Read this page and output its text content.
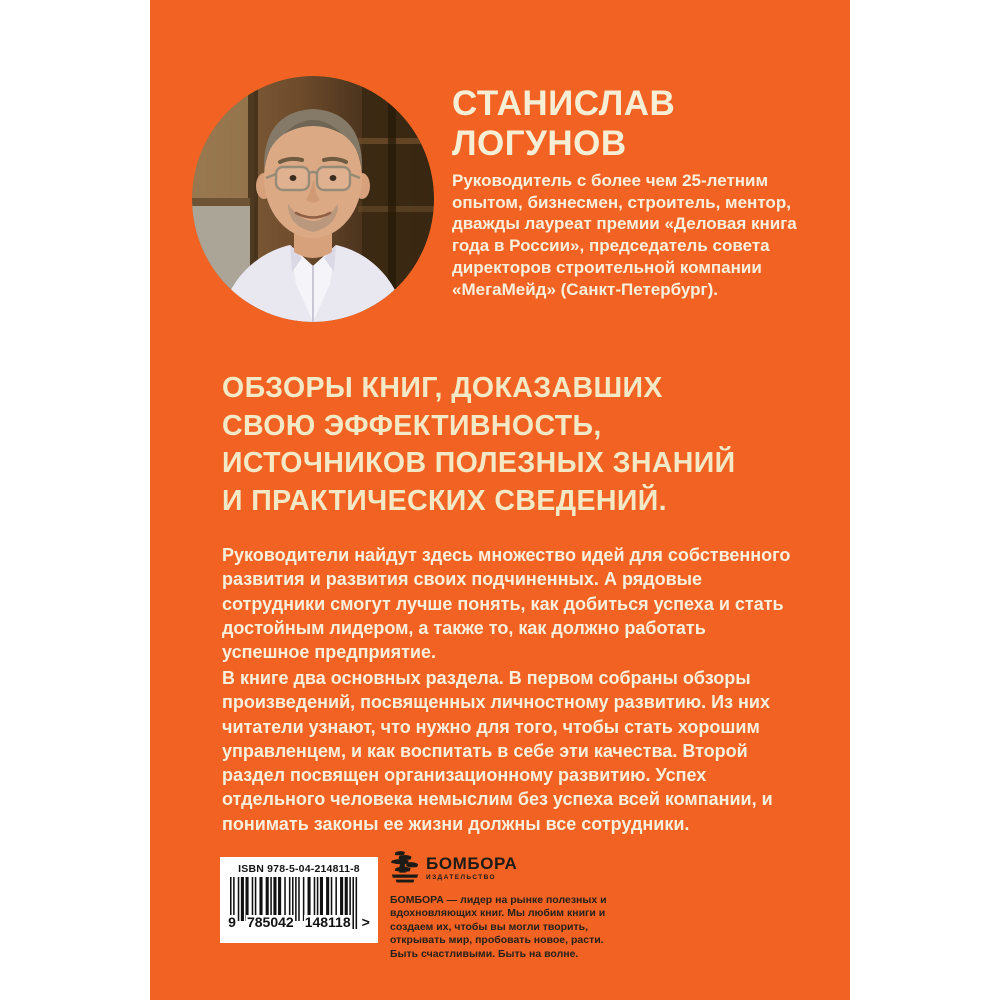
СТАНИСЛАВ
ЛОГУНОВ
Руководитель с более чем 25-летним опытом, бизнесмен, строитель, ментор, дважды лауреат премии «Деловая книга года в России», председатель совета директоров строительной компании «МегаМейд» (Санкт-Петербург).
ОБЗОРЫ КНИГ, ДОКАЗАВШИХ
СВОЮ ЭФФЕКТИВНОСТЬ,
ИСТОЧНИКОВ ПОЛЕЗНЫХ ЗНАНИЙ
И ПРАКТИЧЕСКИХ СВЕДЕНИЙ.
Руководители найдут здесь множество идей для собственного развития и развития своих подчиненных. А рядовые сотрудники смогут лучше понять, как добиться успеха и стать достойным лидером, а также то, как должно работать успешное предприятие.
В книге два основных раздела. В первом собраны обзоры произведений, посвященных личностному развитию. Из них читатели узнают, что нужно для того, чтобы стать хорошим управленцем, и как воспитать в себе эти качества. Второй раздел посвящен организационному развитию. Успех отдельного человека немыслим без успеха всей компании, и понимать законы ее жизни должны все сотрудники.
ISBN 978-5-04-214811-8
9 785042 148118 >
БОМБОРА
ИЗДАТЕЛЬСТВО
БОМБОРА — лидер на рынке полезных и вдохновляющих книг. Мы любим книги и создаем их, чтобы вы могли творить, открывать мир, пробовать новое, расти. Быть счастливыми. Быть на волне.
